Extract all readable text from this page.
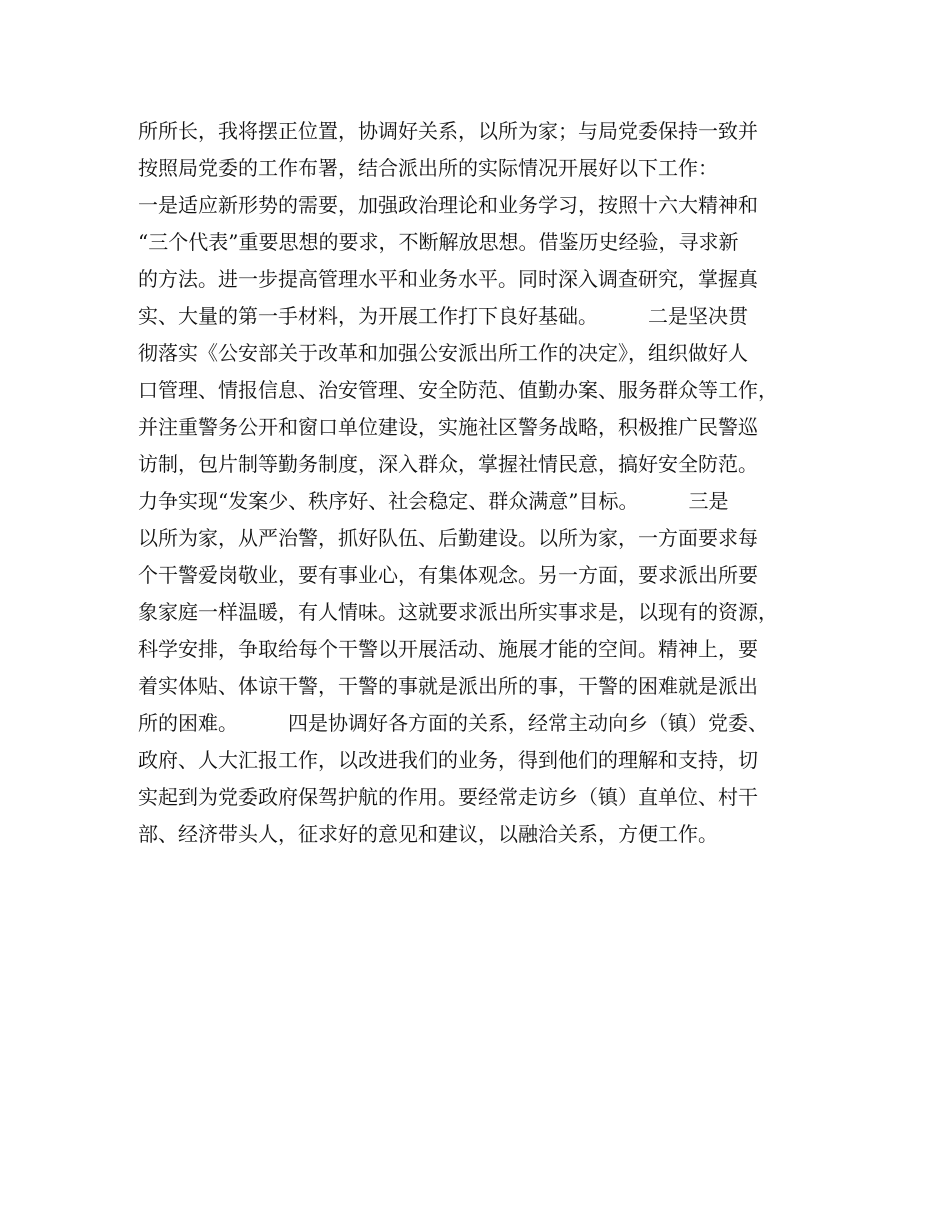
所所长，我将摆正位置，协调好关系，以所为家；与局党委保持一致并
按照局党委的工作布署，结合派出所的实际情况开展好以下工作：
一是适应新形势的需要，加强政治理论和业务学习，按照十六大精神和
“三个代表”重要思想的要求，不断解放思想。借鉴历史经验，寻求新
的方法。进一步提高管理水平和业务水平。同时深入调查研究，掌握真
实、大量的第一手材料，为开展工作打下良好基础。　　　二是坚决贯
彻落实《公安部关于改革和加强公安派出所工作的决定》，组织做好人
口管理、情报信息、治安管理、安全防范、值勤办案、服务群众等工作，
并注重警务公开和窗口单位建设，实施社区警务战略，积极推广民警巡
访制，包片制等勤务制度，深入群众，掌握社情民意，搞好安全防范。
力争实现“发案少、秩序好、社会稳定、群众满意”目标。　　　三是
以所为家，从严治警，抓好队伍、后勤建设。以所为家，一方面要求每
个干警爱岗敬业，要有事业心，有集体观念。另一方面，要求派出所要
象家庭一样温暖，有人情味。这就要求派出所实事求是，以现有的资源，
科学安排，争取给每个干警以开展活动、施展才能的空间。精神上，要
着实体贴、体谅干警，干警的事就是派出所的事，干警的困难就是派出
所的困难。　　　四是协调好各方面的关系，经常主动向乡（镇）党委、
政府、人大汇报工作，以改进我们的业务，得到他们的理解和支持，切
实起到为党委政府保驾护航的作用。要经常走访乡（镇）直单位、村干
部、经济带头人，征求好的意见和建议，以融洽关系，方便工作。
